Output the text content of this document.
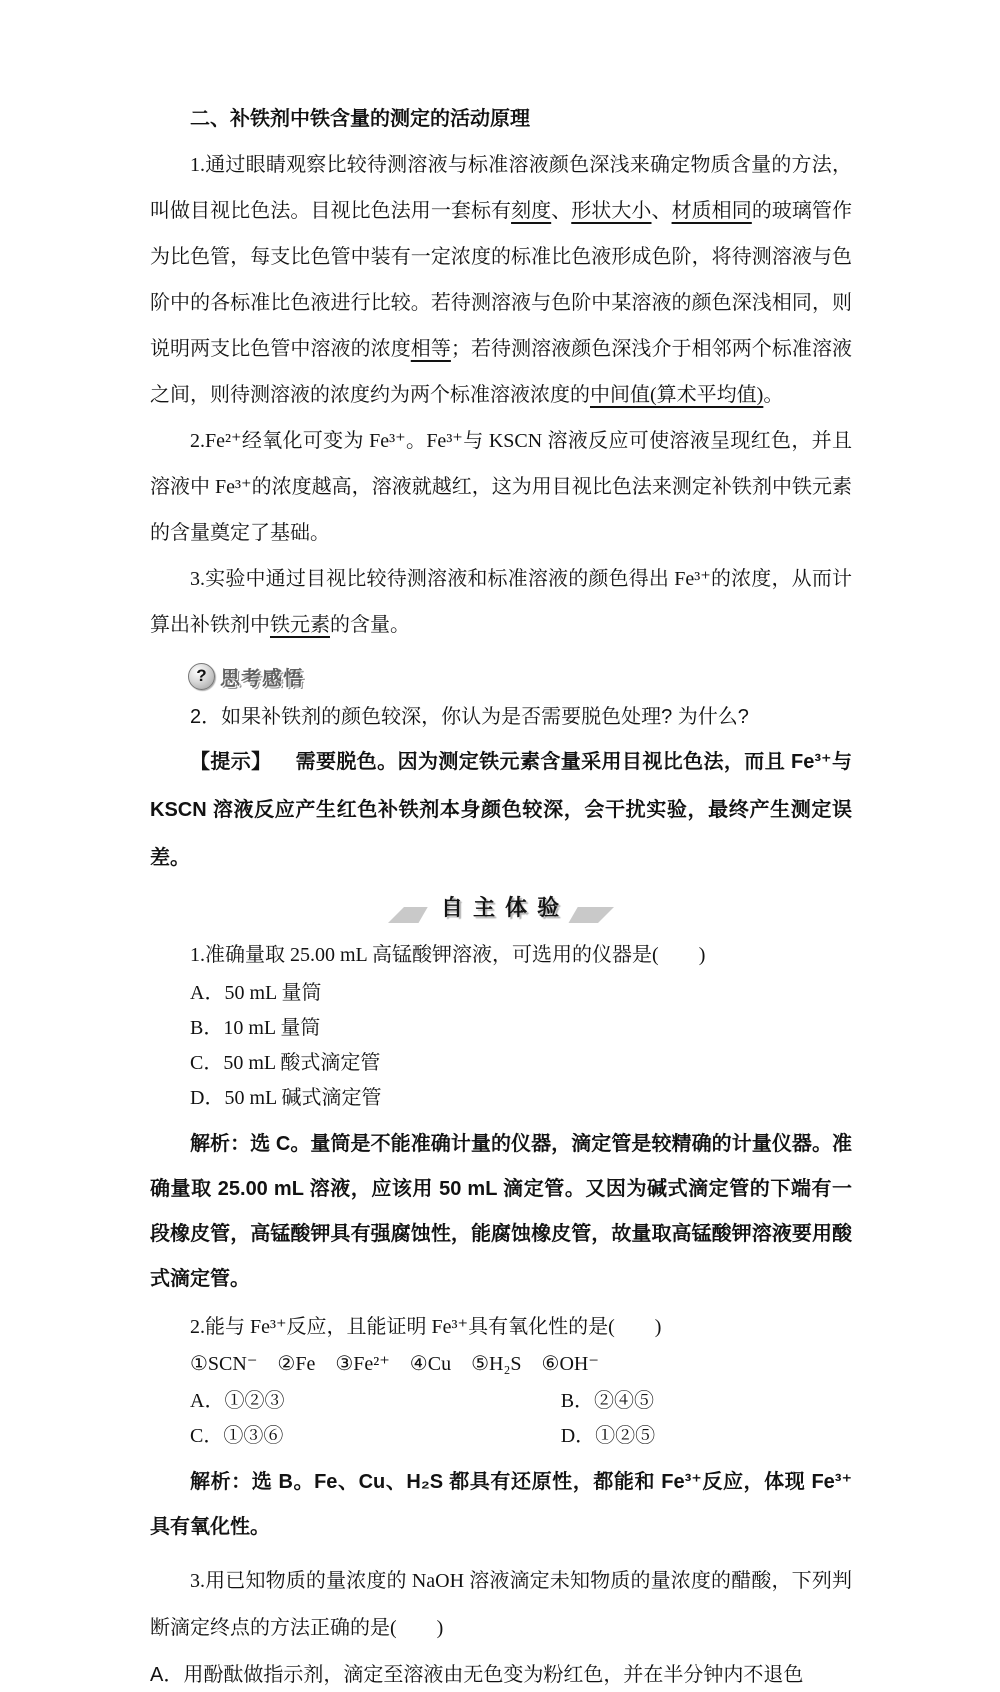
二、补铁剂中铁含量的测定的活动原理

1.通过眼睛观察比较待测溶液与标准溶液颜色深浅来确定物质含量的方法，叫做目视比色法。目视比色法用一套标有刻度、形状大小、材质相同的玻璃管作为比色管，每支比色管中装有一定浓度的标准比色液形成色阶，将待测溶液与色阶中的各标准比色液进行比较。若待测溶液与色阶中某溶液的颜色深浅相同，则说明两支比色管中溶液的浓度相等；若待测溶液颜色深浅介于相邻两个标准溶液之间，则待测溶液的浓度约为两个标准溶液浓度的中间值(算术平均值)。

2.Fe²⁺经氧化可变为 Fe³⁺。Fe³⁺与 KSCN 溶液反应可使溶液呈现红色，并且溶液中 Fe³⁺的浓度越高，溶液就越红，这为用目视比色法来测定补铁剂中铁元素的含量奠定了基础。

3.实验中通过目视比较待测溶液和标准溶液的颜色得出 Fe³⁺的浓度，从而计算出补铁剂中铁元素的含量。

? 思考感悟

2．如果补铁剂的颜色较深，你认为是否需要脱色处理? 为什么?

【提示】 需要脱色。因为测定铁元素含量采用目视比色法，而且 Fe³⁺与 KSCN 溶液反应产生红色补铁剂本身颜色较深，会干扰实验，最终产生测定误差。

自 主 体 验

1.准确量取 25.00 mL 高锰酸钾溶液，可选用的仪器是(　　)

A．50 mL 量筒
B．10 mL 量筒
C．50 mL 酸式滴定管
D．50 mL 碱式滴定管

解析：选 C。量筒是不能准确计量的仪器，滴定管是较精确的计量仪器。准确量取 25.00 mL 溶液，应该用 50 mL 滴定管。又因为碱式滴定管的下端有一段橡皮管，高锰酸钾具有强腐蚀性，能腐蚀橡皮管，故量取高锰酸钾溶液要用酸式滴定管。

2.能与 Fe³⁺反应，且能证明 Fe³⁺具有氧化性的是(　　)

①SCN⁻　②Fe　③Fe²⁺　④Cu　⑤H₂S　⑥OH⁻

A．①②③	B．②④⑤
C．①③⑥	D．①②⑤

解析：选 B。Fe、Cu、H₂S 都具有还原性，都能和 Fe³⁺反应，体现 Fe³⁺具有氧化性。

3.用已知物质的量浓度的 NaOH 溶液滴定未知物质的量浓度的醋酸，下列判断滴定终点的方法正确的是(　　)

A．用酚酞做指示剂，滴定至溶液由无色变为粉红色，并在半分钟内不退色
